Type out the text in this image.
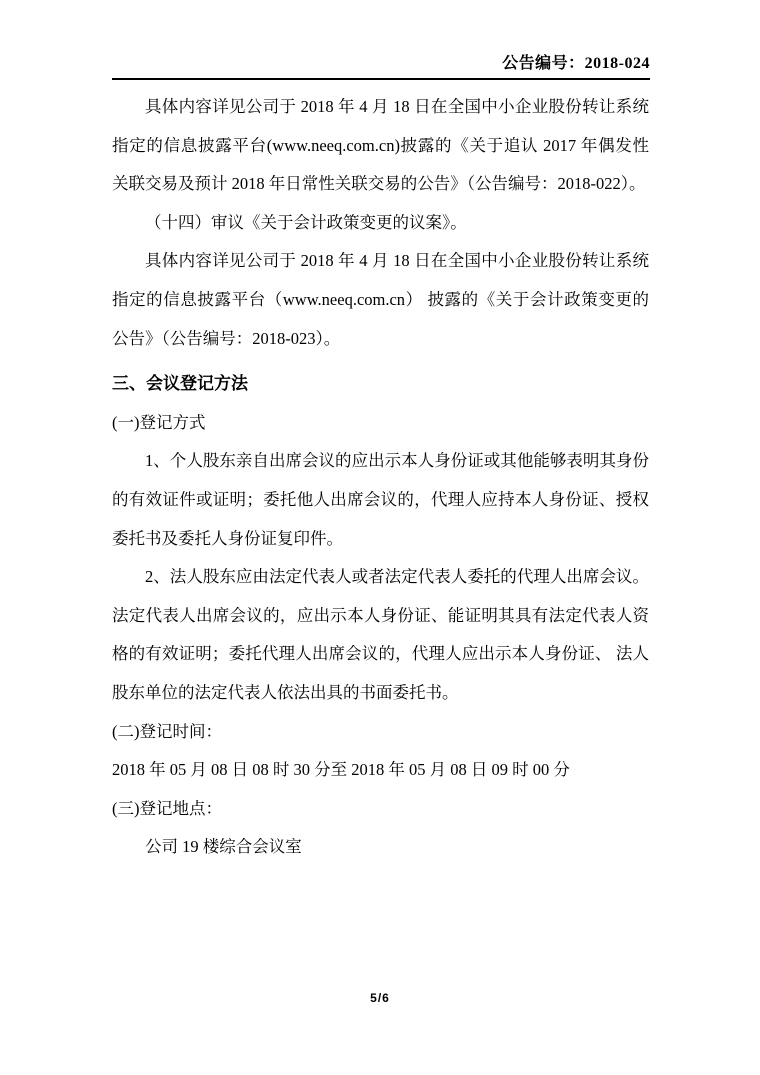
公告编号：2018-024

具体内容详见公司于 2018 年 4 月 18 日在全国中小企业股份转让系统指定的信息披露平台(www.neeq.com.cn)披露的《关于追认 2017 年偶发性关联交易及预计 2018 年日常性关联交易的公告》（公告编号：2018-022）。

（十四）审议《关于会计政策变更的议案》。

具体内容详见公司于 2018 年 4 月 18 日在全国中小企业股份转让系统指定的信息披露平台（www.neeq.com.cn） 披露的《关于会计政策变更的公告》（公告编号：2018-023）。

三、会议登记方法

(一)登记方式

1、个人股东亲自出席会议的应出示本人身份证或其他能够表明其身份的有效证件或证明；委托他人出席会议的，代理人应持本人身份证、授权委托书及委托人身份证复印件。

2、法人股东应由法定代表人或者法定代表人委托的代理人出席会议。法定代表人出席会议的，应出示本人身份证、能证明其具有法定代表人资格的有效证明；委托代理人出席会议的，代理人应出示本人身份证、 法人股东单位的法定代表人依法出具的书面委托书。

(二)登记时间：

2018 年 05 月 08 日 08 时 30 分至 2018 年 05 月 08 日 09 时 00 分

(三)登记地点：

公司 19 楼综合会议室

5/6
